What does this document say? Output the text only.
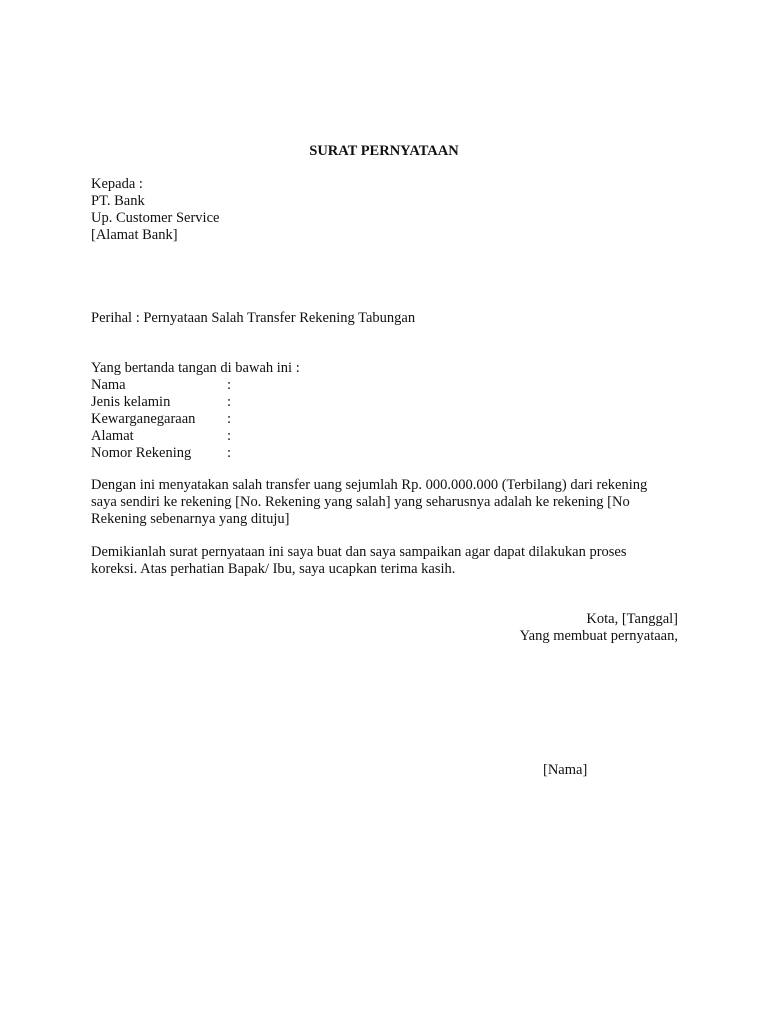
SURAT PERNYATAAN
Kepada :
PT. Bank
Up. Customer Service
[Alamat Bank]
Perihal : Pernyataan Salah Transfer Rekening Tabungan
Yang bertanda tangan di bawah ini :
Nama	:
Jenis kelamin	:
Kewarganegaraan	:
Alamat	:
Nomor Rekening	:
Dengan ini menyatakan salah transfer uang sejumlah Rp. 000.000.000 (Terbilang) dari rekening
saya sendiri ke rekening [No. Rekening yang salah] yang seharusnya adalah ke rekening [No
Rekening sebenarnya yang dituju]
Demikianlah surat pernyataan ini saya buat dan saya sampaikan agar dapat dilakukan proses
koreksi. Atas perhatian Bapak/ Ibu, saya ucapkan terima kasih.
Kota, [Tanggal]
Yang membuat pernyataan,
[Nama]
